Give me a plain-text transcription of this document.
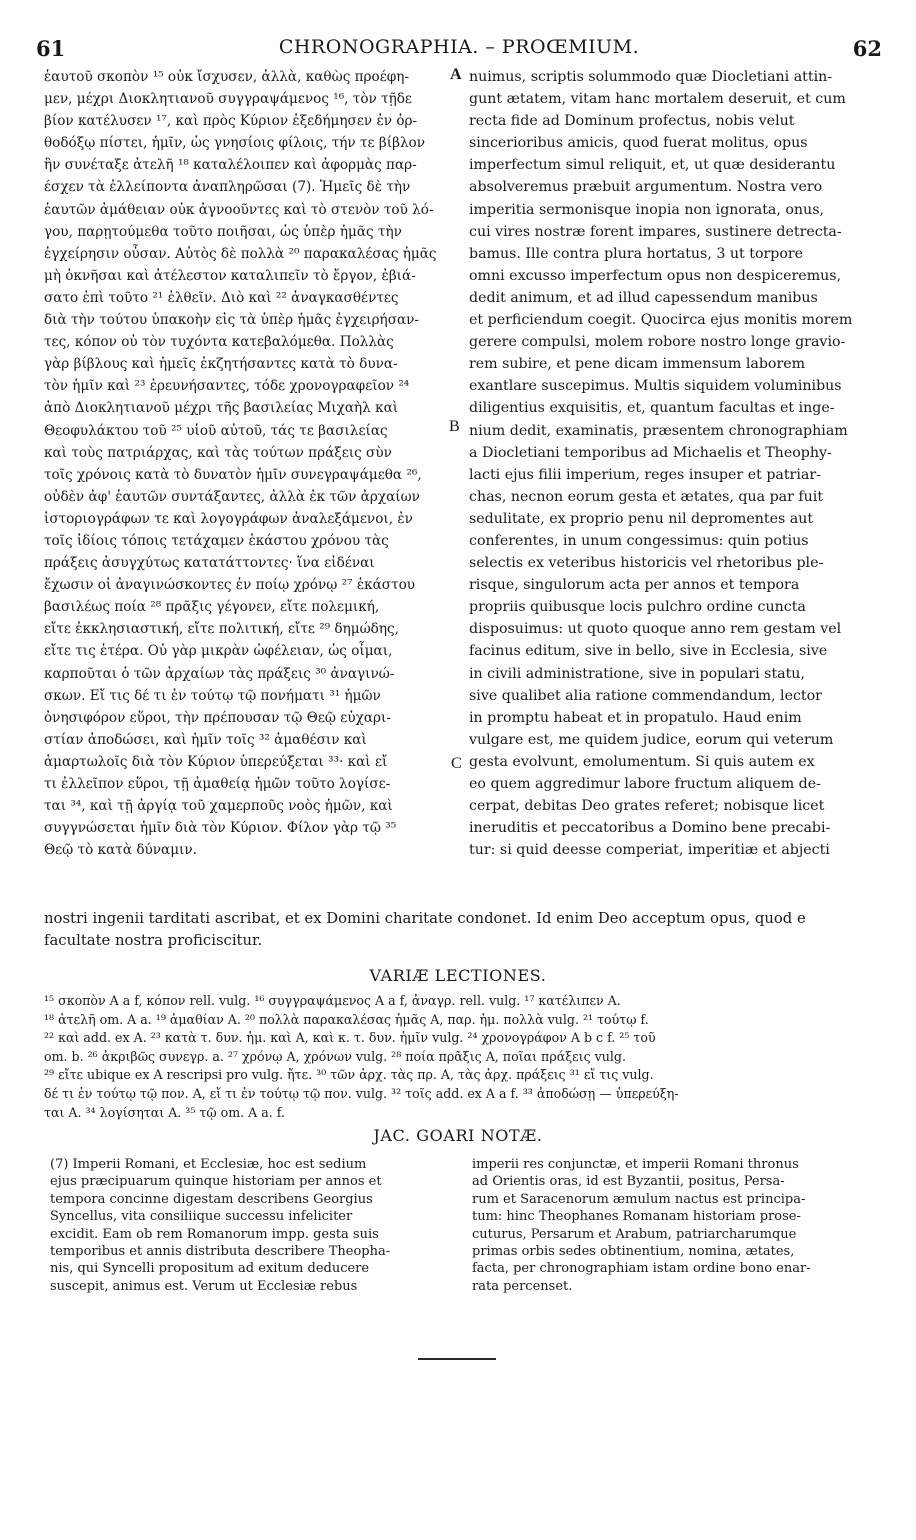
61	CHRONOGRAPHIA. – PROŒMIUM.	62
ἑαυτοῦ σκοπὸν ¹⁵ οὐκ ἴσχυσεν, ἀλλὰ, καθὼς προέφη-
μεν, μέχρι Διοκλητιανοῦ συγγραψάμενος ¹⁶, τὸν τῇδε
βίον κατέλυσεν ¹⁷, καὶ πρὸς Κύριον ἐξεδήμησεν ἐν ὀρ-
θοδόξῳ πίστει, ἡμῖν, ὡς γνησίοις φίλοις, τήν τε βίβλον
ἣν συνέταξε ἀτελῆ ¹⁸ καταλέλοιπεν καὶ ἀφορμὰς παρ-
έσχεν τὰ ἐλλείποντα ἀναπληρῶσαι (7). Ἡμεῖς δὲ τὴν
ἑαυτῶν ἀμάθειαν οὐκ ἀγνοοῦντες καὶ τὸ στενὸν τοῦ λό-
γου, παρῃτούμεθα τοῦτο ποιῆσαι, ὡς ὑπὲρ ἡμᾶς τὴν
ἐγχείρησιν οὖσαν. Αὐτὸς δὲ πολλὰ ²⁰ παρακαλέσας ἡμᾶς
μὴ ὀκνῆσαι καὶ ἀτέλεστον καταλιπεῖν τὸ ἔργον, ἐβιά-
σατο ἐπὶ τοῦτο ²¹ ἐλθεῖν. Διὸ καὶ ²² ἀναγκασθέντες
διὰ τὴν τούτου ὑπακοὴν εἰς τὰ ὑπὲρ ἡμᾶς ἐγχειρήσαν-
τες, κόπον οὐ τὸν τυχόντα κατεβαλόμεθα. Πολλὰς
γὰρ βίβλους καὶ ἡμεῖς ἐκζητήσαντες κατὰ τὸ δυνα-
τὸν ἡμῖν καὶ ²³ ἐρευνήσαντες, τόδε χρονογραφεῖον ²⁴
ἀπὸ Διοκλητιανοῦ μέχρι τῆς βασιλείας Μιχαὴλ καὶ
Θεοφυλάκτου τοῦ ²⁵ υἱοῦ αὐτοῦ, τάς τε βασιλείας
καὶ τοὺς πατριάρχας, καὶ τὰς τούτων πράξεις σὺν
τοῖς χρόνοις κατὰ τὸ δυνατὸν ἡμῖν συνεγραψάμεθα ²⁶,
οὐδὲν ἀφ' ἑαυτῶν συντάξαντες, ἀλλὰ ἐκ τῶν ἀρχαίων
ἱστοριογράφων τε καὶ λογογράφων ἀναλεξάμενοι, ἐν
τοῖς ἰδίοις τόποις τετάχαμεν ἑκάστου χρόνου τὰς
πράξεις ἀσυγχύτως κατατάττοντες· ἵνα εἰδέναι
ἔχωσιν οἱ ἀναγινώσκοντες ἐν ποίῳ χρόνῳ ²⁷ ἑκάστου
βασιλέως ποία ²⁸ πρᾶξις γέγονεν, εἴτε πολεμική,
εἴτε ἐκκλησιαστική, εἴτε πολιτική, εἴτε ²⁹ δημώδης,
εἴτε τις ἑτέρα. Οὐ γὰρ μικρὰν ὠφέλειαν, ὡς οἶμαι,
καρποῦται ὁ τῶν ἀρχαίων τὰς πράξεις ³⁰ ἀναγινώ-
σκων. Εἴ τις δέ τι ἐν τούτῳ τῷ πονήματι ³¹ ἡμῶν
ὀνησιφόρον εὕροι, τὴν πρέπουσαν τῷ Θεῷ εὐχαρι-
στίαν ἀποδώσει, καὶ ἡμῖν τοῖς ³² ἀμαθέσιν καὶ
ἁμαρτωλοῖς διὰ τὸν Κύριον ὑπερεύξεται ³³· καὶ εἴ
τι ἐλλεῖπον εὕροι, τῇ ἀμαθείᾳ ἡμῶν τοῦτο λογίσε-
ται ³⁴, καὶ τῇ ἀργίᾳ τοῦ χαμερποῦς νοὸς ἡμῶν, καὶ
συγγνώσεται ἡμῖν διὰ τὸν Κύριον. Φίλον γὰρ τῷ ³⁵
Θεῷ τὸ κατὰ δύναμιν.
nuimus, scriptis solummodo quæ Diocletiani attin-
gunt ætatem, vitam hanc mortalem deseruit, et cum
recta fide ad Dominum profectus, nobis velut
sincerioribus amicis, quod fuerat molitus, opus
imperfectum simul reliquit, et, ut quæ desiderantu
absolveremus præbuit argumentum. Nostra vero
imperitia sermonisque inopia non ignorata, onus,
cui vires nostræ forent impares, sustinere detrecta-
bamus. Ille contra plura hortatus, 3 ut torpore
omni excusso imperfectum opus non despiceremus,
dedit animum, et ad illud capessendum manibus
et perficiendum coegit. Quocirca ejus monitis morem
gerere compulsi, molem robore nostro longe gravio-
rem subire, et pene dicam immensum laborem
exantlare suscepimus. Multis siquidem voluminibus
diligentius exquisitis, et, quantum facultas et inge-
nium dedit, examinatis, præsentem chronographiam
a Diocletiani temporibus ad Michaelis et Theophy-
lacti ejus filii imperium, reges insuper et patriar-
chas, necnon eorum gesta et ætates, qua par fuit
sedulitate, ex proprio penu nil depromentes aut
conferentes, in unum congessimus: quin potius
selectis ex veteribus historicis vel rhetoribus ple-
risque, singulorum acta per annos et tempora
propriis quibusque locis pulchro ordine cuncta
disposuimus: ut quoto quoque anno rem gestam vel
facinus editum, sive in bello, sive in Ecclesia, sive
in civili administratione, sive in populari statu,
sive qualibet alia ratione commendandum, lector
in promptu habeat et in propatulo. Haud enim
vulgare est, me quidem judice, eorum qui veterum
gesta evolvunt, emolumentum. Si quis autem ex
eo quem aggredimur labore fructum aliquem de-
cerpat, debitas Deo grates referet; nobisque licet
ineruditis et peccatoribus a Domino bene precabi-
tur: si quid deesse comperiat, imperitiæ et abjecti
A
B
C
nostri ingenii tarditati ascribat, et ex Domini charitate condonet. Id enim Deo acceptum opus, quod e
facultate nostra proficiscitur.
VARIÆ LECTIONES.
¹⁵ σκοπὸν A a f, κόπον rell. vulg. ¹⁶ συγγραψάμενος A a f, ἀναγρ. rell. vulg. ¹⁷ κατέλιπεν A.
¹⁸ ἀτελῆ om. A a. ¹⁹ ἀμαθίαν A. ²⁰ πολλὰ παρακαλέσας ἡμᾶς A, παρ. ἡμ. πολλὰ vulg. ²¹ τούτῳ f.
²² καὶ add. ex A. ²³ κατὰ τ. δυν. ἡμ. καὶ A, καὶ κ. τ. δυν. ἡμῖν vulg. ²⁴ χρονογράφον A b c f. ²⁵ τοῦ
om. b. ²⁶ ἀκριβῶς συνεγρ. a. ²⁷ χρόνῳ A, χρόνων vulg. ²⁸ ποία πρᾶξις A, ποῖαι πράξεις vulg.
²⁹ εἴτε ubique ex A rescripsi pro vulg. ἤτε. ³⁰ τῶν ἀρχ. τὰς πρ. A, τὰς ἀρχ. πράξεις ³¹ εἴ τις vulg.
δέ τι ἐν τούτῳ τῷ πον. A, εἴ τι ἐν τούτῳ τῷ πον. vulg. ³² τοῖς add. ex A a f. ³³ ἀποδώσῃ — ὑπερεύξη-
ται A. ³⁴ λογίσηται A. ³⁵ τῷ om. A a. f.
JAC. GOARI NOTÆ.
(7) Imperii Romani, et Ecclesiæ, hoc est sedium
ejus præcipuarum quinque historiam per annos et
tempora concinne digestam describens Georgius
Syncellus, vita consiliique successu infeliciter
excidit. Eam ob rem Romanorum impp. gesta suis
temporibus et annis distributa describere Theopha-
nis, qui Syncelli propositum ad exitum deducere
suscepit, animus est. Verum ut Ecclesiæ rebus
imperii res conjunctæ, et imperii Romani thronus
ad Orientis oras, id est Byzantii, positus, Persa-
rum et Saracenorum æmulum nactus est principa-
tum: hinc Theophanes Romanam historiam prose-
cuturus, Persarum et Arabum, patriarcharumque
primas orbis sedes obtinentium, nomina, ætates,
facta, per chronographiam istam ordine bono enar-
rata percenset.
